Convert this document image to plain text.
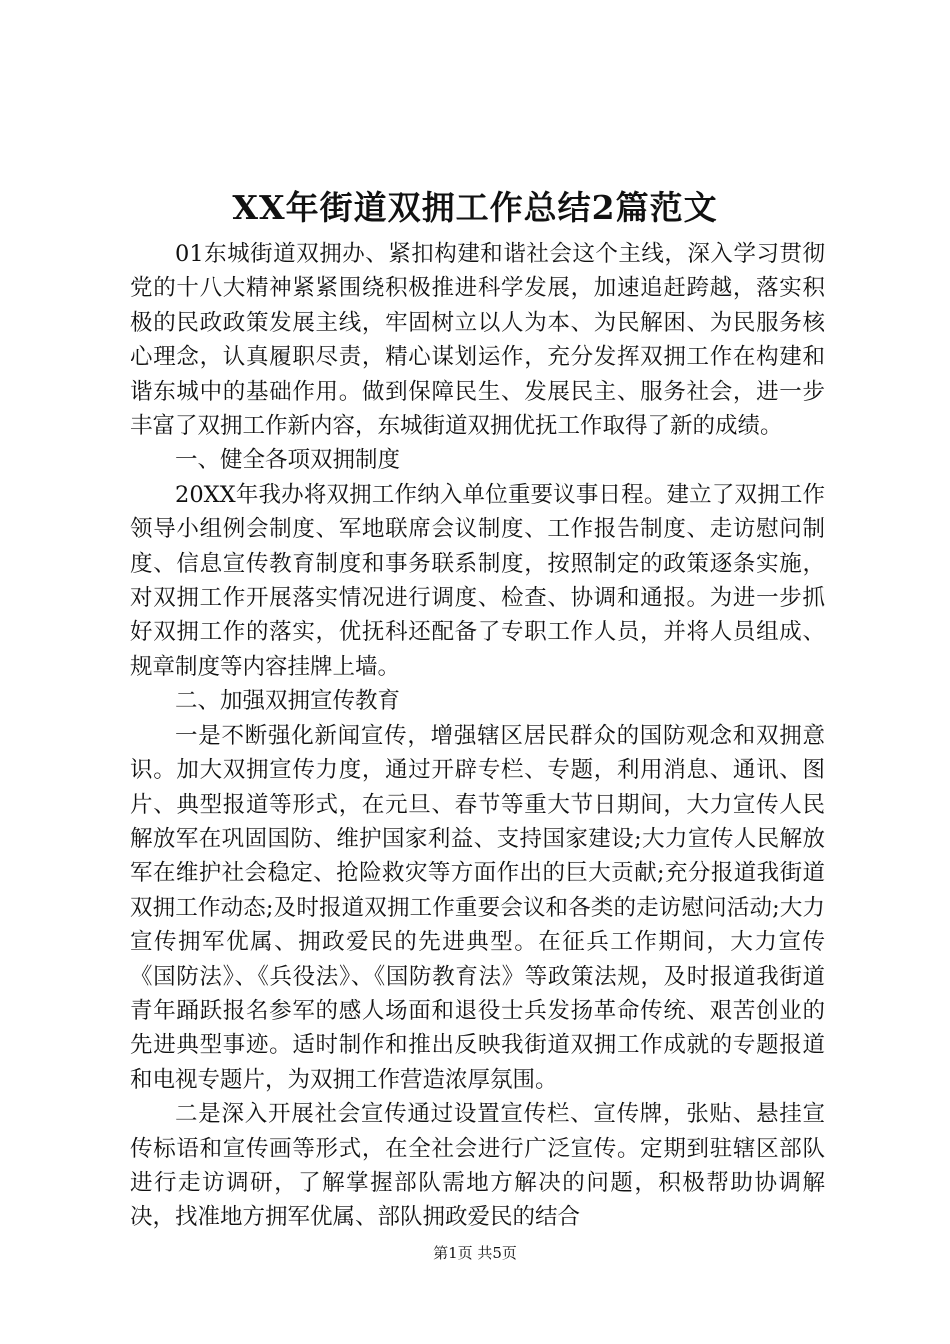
XX年街道双拥工作总结2篇范文

01东城街道双拥办、紧扣构建和谐社会这个主线，深入学习贯彻党的十八大精神紧紧围绕积极推进科学发展，加速追赶跨越，落实积极的民政政策发展主线，牢固树立以人为本、为民解困、为民服务核心理念，认真履职尽责，精心谋划运作，充分发挥双拥工作在构建和谐东城中的基础作用。做到保障民生、发展民主、服务社会，进一步丰富了双拥工作新内容，东城街道双拥优抚工作取得了新的成绩。

一、健全各项双拥制度

20XX年我办将双拥工作纳入单位重要议事日程。建立了双拥工作领导小组例会制度、军地联席会议制度、工作报告制度、走访慰问制度、信息宣传教育制度和事务联系制度，按照制定的政策逐条实施，对双拥工作开展落实情况进行调度、检查、协调和通报。为进一步抓好双拥工作的落实，优抚科还配备了专职工作人员，并将人员组成、规章制度等内容挂牌上墙。

二、加强双拥宣传教育

一是不断强化新闻宣传，增强辖区居民群众的国防观念和双拥意识。加大双拥宣传力度，通过开辟专栏、专题，利用消息、通讯、图片、典型报道等形式，在元旦、春节等重大节日期间，大力宣传人民解放军在巩固国防、维护国家利益、支持国家建设;大力宣传人民解放军在维护社会稳定、抢险救灾等方面作出的巨大贡献;充分报道我街道双拥工作动态;及时报道双拥工作重要会议和各类的走访慰问活动;大力宣传拥军优属、拥政爱民的先进典型。在征兵工作期间，大力宣传《国防法》、《兵役法》、《国防教育法》等政策法规，及时报道我街道青年踊跃报名参军的感人场面和退役士兵发扬革命传统、艰苦创业的先进典型事迹。适时制作和推出反映我街道双拥工作成就的专题报道和电视专题片，为双拥工作营造浓厚氛围。

二是深入开展社会宣传通过设置宣传栏、宣传牌，张贴、悬挂宣传标语和宣传画等形式，在全社会进行广泛宣传。定期到驻辖区部队进行走访调研，了解掌握部队需地方解决的问题，积极帮助协调解决，找准地方拥军优属、部队拥政爱民的结合

第1页 共5页
